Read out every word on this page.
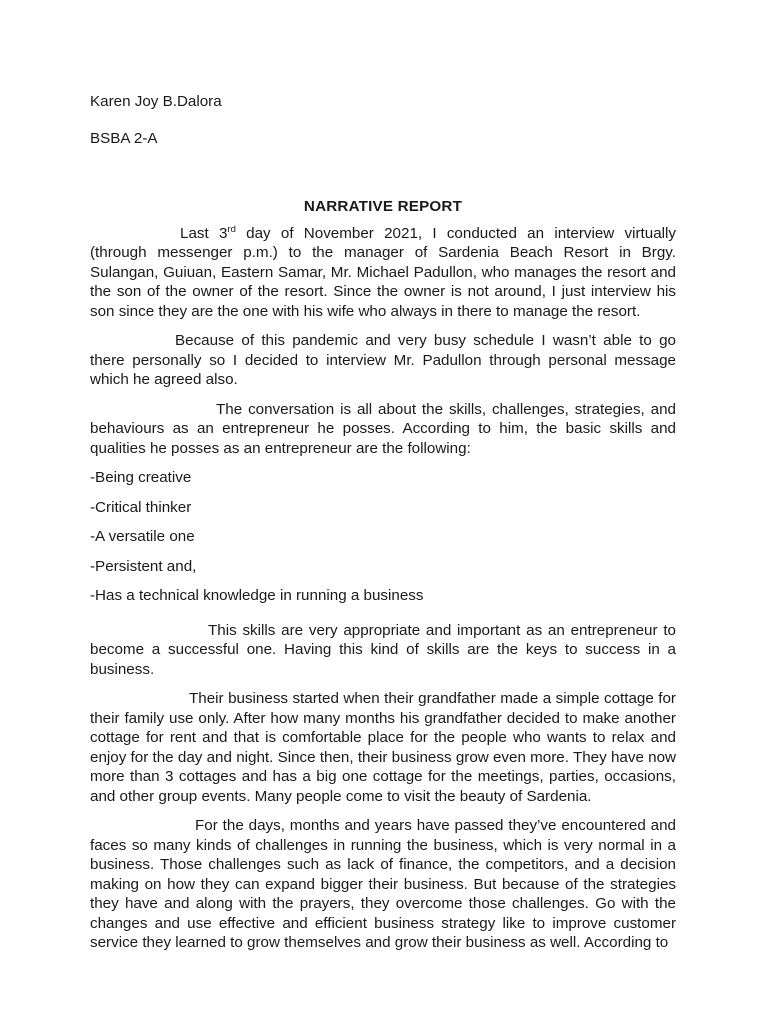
Karen Joy B.Dalora

BSBA 2-A

NARRATIVE REPORT

Last 3rd day of November 2021, I conducted an interview virtually (through messenger p.m.) to the manager of Sardenia Beach Resort in Brgy. Sulangan, Guiuan, Eastern Samar, Mr. Michael Padullon, who manages the resort and the son of the owner of the resort. Since the owner is not around, I just interview his son since they are the one with his wife who always in there to manage the resort.

Because of this pandemic and very busy schedule I wasn’t able to go there personally so I decided to interview Mr. Padullon through personal message which he agreed also.

The conversation is all about the skills, challenges, strategies, and behaviours as an entrepreneur he posses. According to him, the basic skills and qualities he posses as an entrepreneur are the following:

-Being creative
-Critical thinker
-A versatile one
-Persistent and,
-Has a technical knowledge in running a business

This skills are very appropriate and important as an entrepreneur to become a successful one. Having this kind of skills are the keys to success in a business.

Their business started when their grandfather made a simple cottage for their family use only. After how many months his grandfather decided to make another cottage for rent and that is comfortable place for the people who wants to relax and enjoy for the day and night. Since then, their business grow even more. They have now more than 3 cottages and has a big one cottage for the meetings, parties, occasions, and other group events. Many people come to visit the beauty of Sardenia.

For the days, months and years have passed they’ve encountered and faces so many kinds of challenges in running the business, which is very normal in a business. Those challenges such as lack of finance, the competitors, and a decision making on how they can expand bigger their business. But because of the strategies they have and along with the prayers, they overcome those challenges. Go with the changes and use effective and efficient business strategy like to improve customer service they learned to grow themselves and grow their business as well. According to
